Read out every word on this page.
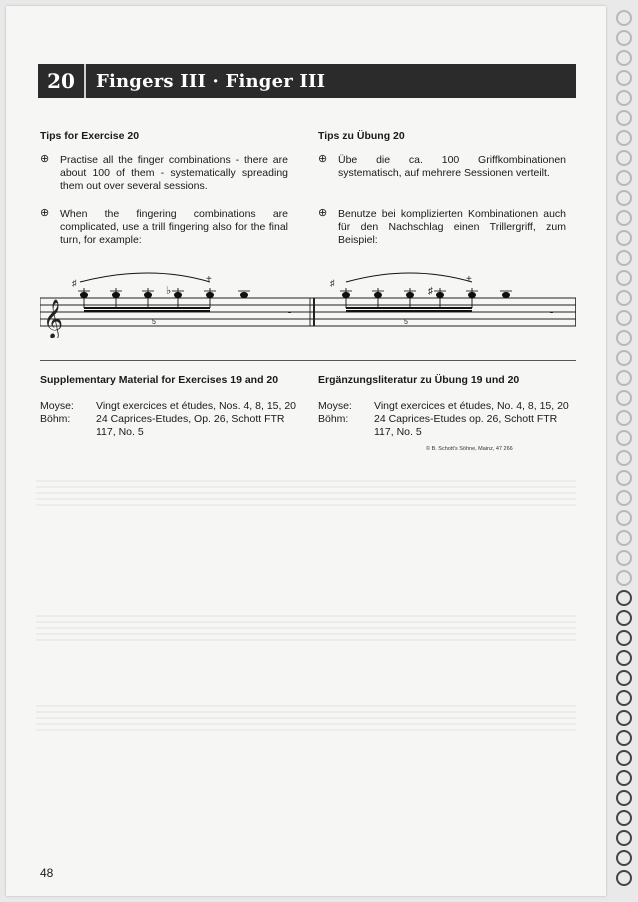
20	Fingers III · Finger III
Tips for Exercise 20
⊕	Practise all the finger combinations - there are about 100 of them - systematically spreading them out over several sessions.
⊕	When the fingering combinations are complicated, use a trill fingering also for the final turn, for example:
Tips zu Übung 20
⊕	Übe die ca. 100 Griffkombinationen systematisch, auf mehrere Sessionen verteilt.
⊕	Benutze bei komplizierten Kombinationen auch für den Nachschlag einen Trillergriff, zum Beispiel:
𝄞	5
♭
+
♯
𝄼
5
♯
+
♯
𝄼
Supplementary Material for Exercises 19 and 20
Moyse:	Vingt exercices et études, Nos. 4, 8, 15, 20
Böhm:	24 Caprices-Etudes, Op. 26, Schott FTR 117, No. 5
Ergänzungsliteratur zu Übung 19 und 20
Moyse:	Vingt exercices et études, No. 4, 8, 15, 20
Böhm:	24 Caprices-Etudes op. 26, Schott FTR 117, No. 5
© B. Schott's Söhne, Mainz, 47 266
48
